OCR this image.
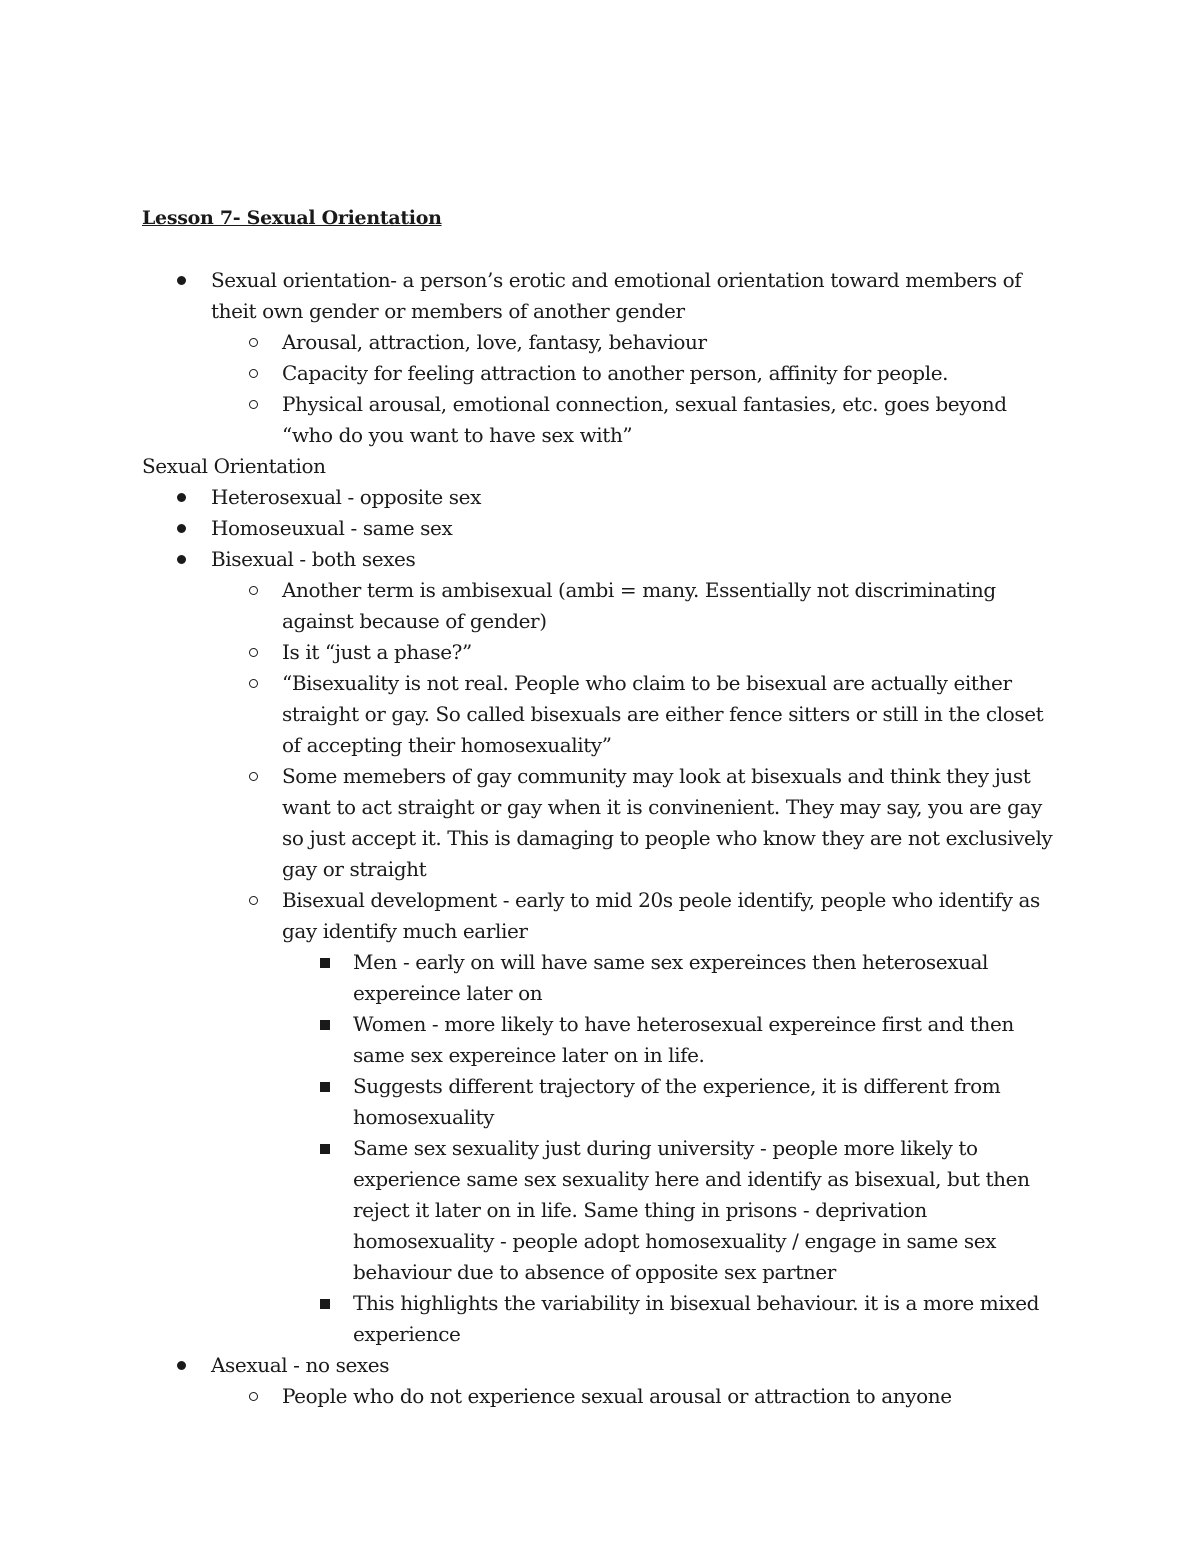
Lesson 7- Sexual Orientation
Sexual orientation- a person’s erotic and emotional orientation toward members of theit own gender or members of another gender
Arousal, attraction, love, fantasy, behaviour
Capacity for feeling attraction to another person, affinity for people.
Physical arousal, emotional connection, sexual fantasies, etc. goes beyond “who do you want to have sex with”
Sexual Orientation
Heterosexual - opposite sex
Homoseuxual - same sex
Bisexual - both sexes
Another term is ambisexual (ambi = many. Essentially not discriminating against because of gender)
Is it “just a phase?”
“Bisexuality is not real. People who claim to be bisexual are actually either straight or gay. So called bisexuals are either fence sitters or still in the closet of accepting their homosexuality”
Some memebers of gay community may look at bisexuals and think they just want to act straight or gay when it is convinenient. They may say, you are gay so just accept it. This is damaging to people who know they are not exclusively gay or straight
Bisexual development - early to mid 20s peole identify, people who identify as gay identify much earlier
Men - early on will have same sex expereinces then heterosexual expereince later on
Women - more likely to have heterosexual expereince first and then same sex expereince later on in life.
Suggests different trajectory of the experience, it is different from homosexuality
Same sex sexuality just during university - people more likely to experience same sex sexuality here and identify as bisexual, but then reject it later on in life. Same thing in prisons - deprivation homosexuality - people adopt homosexuality / engage in same sex behaviour due to absence of opposite sex partner
This highlights the variability in bisexual behaviour. it is a more mixed experience
Asexual - no sexes
People who do not experience sexual arousal or attraction to anyone
